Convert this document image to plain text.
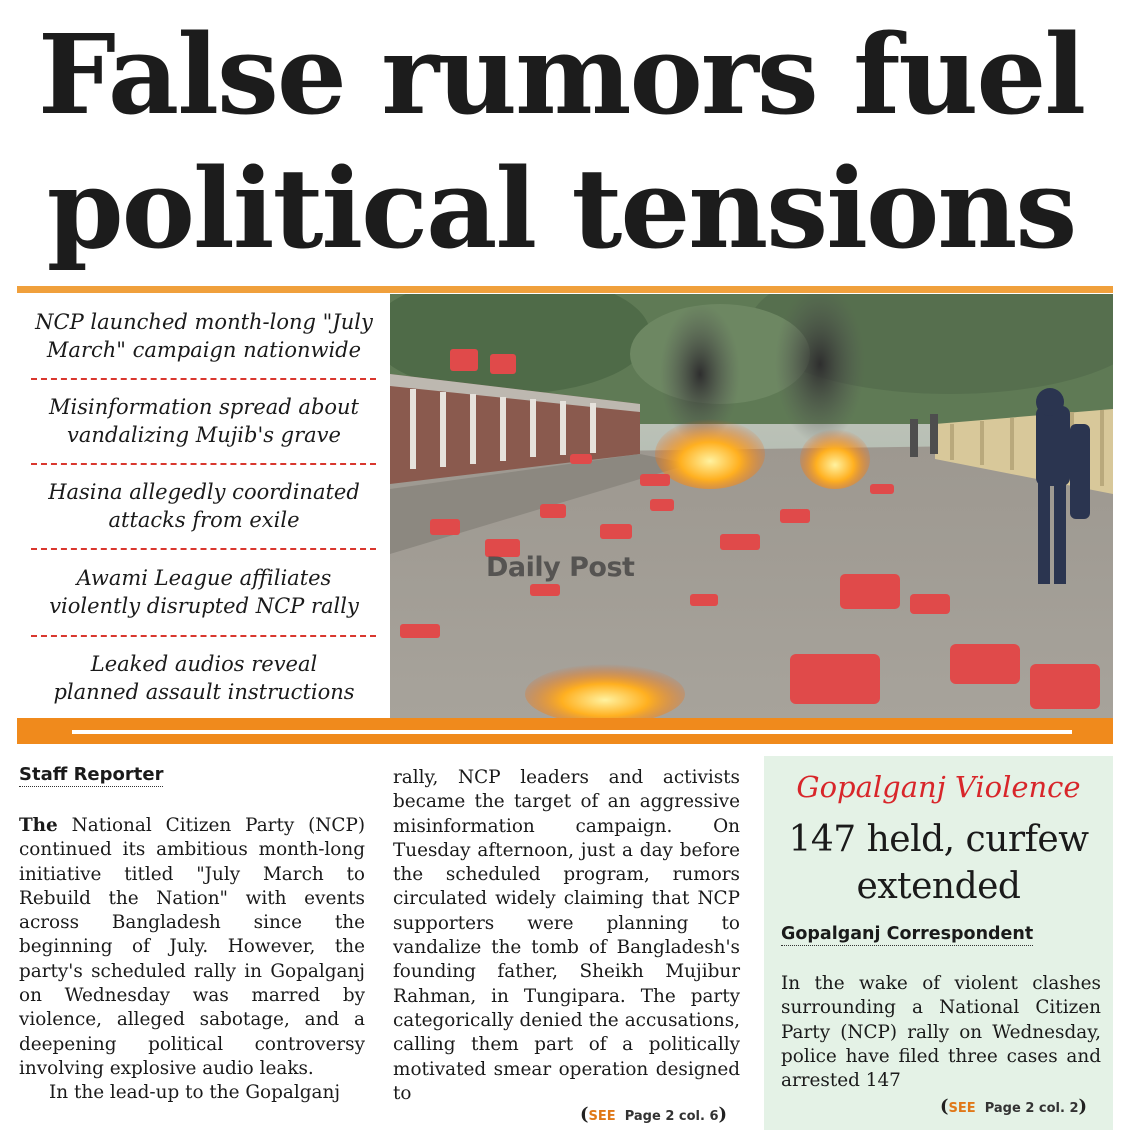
False rumors fuel political tensions
NCP launched month-long "July
March" campaign nationwide
Misinformation spread about
vandalizing Mujib's grave
Hasina allegedly coordinated
attacks from exile
Awami League affiliates
violently disrupted NCP rally
Leaked audios reveal
planned assault instructions
Daily Post
Staff Reporter

The National Citizen Party (NCP) continued its ambitious month-long initiative titled "July March to Rebuild the Nation" with events across Bangladesh since the beginning of July. However, the party's scheduled rally in Gopalganj on Wednesday was marred by violence, alleged sabotage, and a deepening political controversy involving explosive audio leaks.

In the lead-up to the Gopalganj

rally, NCP leaders and activists became the target of an aggressive misinformation campaign. On Tuesday afternoon, just a day before the scheduled program, rumors circulated widely claiming that NCP supporters were planning to vandalize the tomb of Bangladesh's founding father, Sheikh Mujibur Rahman, in Tungipara. The party categorically denied the accusations, calling them part of a politically motivated smear operation designed to

(SEE Page 2 col. 6)
Gopalganj Violence
147 held, curfew
extended
Gopalganj Correspondent
In the wake of violent clashes surrounding a National Citizen Party (NCP) rally on Wednesday, police have filed three cases and arrested 147
(SEE Page 2 col. 2)
